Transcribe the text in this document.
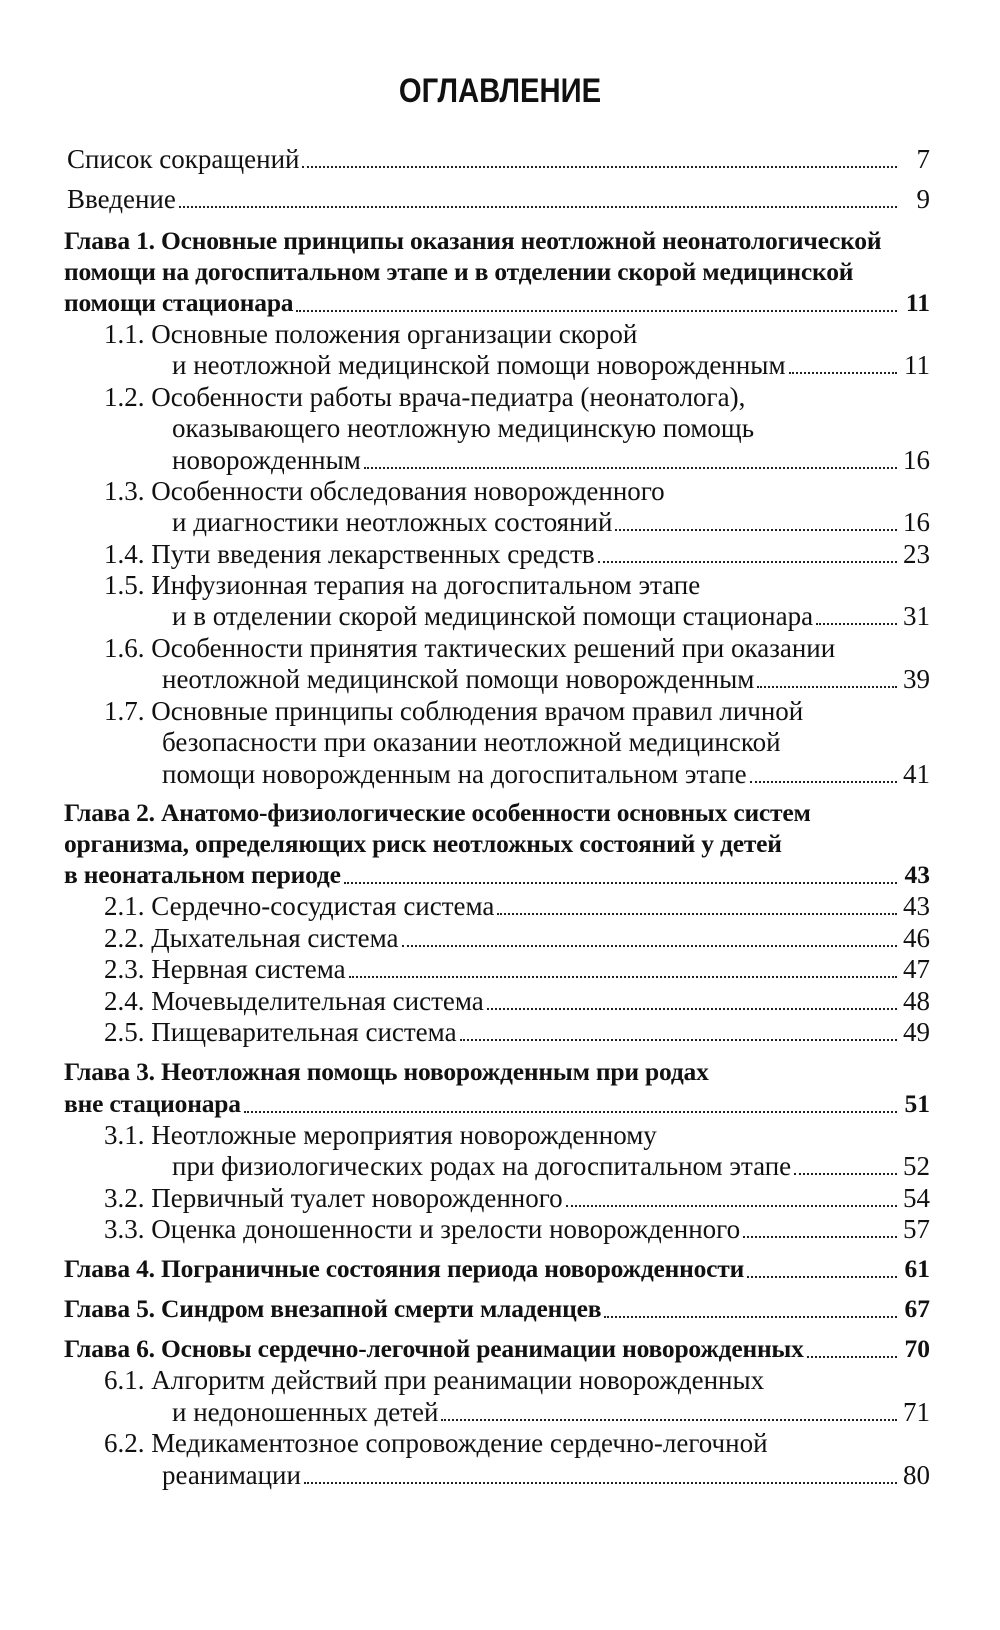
ОГЛАВЛЕНИЕ
Список сокращений	7
Введение	9
Глава 1. Основные принципы оказания неотложной неонатологической
помощи на догоспитальном этапе и в отделении скорой медицинской
помощи стационара	11
1.1. Основные положения организации скорой
и неотложной медицинской помощи новорожденным	11
1.2. Особенности работы врача-педиатра (неонатолога),
оказывающего неотложную медицинскую помощь
новорожденным	16
1.3. Особенности обследования новорожденного
и диагностики неотложных состояний	16
1.4. Пути введения лекарственных средств	23
1.5. Инфузионная терапия на догоспитальном этапе
и в отделении скорой медицинской помощи стационара	31
1.6. Особенности принятия тактических решений при оказании
неотложной медицинской помощи новорожденным	39
1.7. Основные принципы соблюдения врачом правил личной
безопасности при оказании неотложной медицинской
помощи новорожденным на догоспитальном этапе	41
Глава 2. Анатомо-физиологические особенности основных систем
организма, определяющих риск неотложных состояний у детей
в неонатальном периоде	43
2.1. Сердечно-сосудистая система	43
2.2. Дыхательная система	46
2.3. Нервная система	47
2.4. Мочевыделительная система	48
2.5. Пищеварительная система	49
Глава 3. Неотложная помощь новорожденным при родах
вне стационара	51
3.1. Неотложные мероприятия новорожденному
при физиологических родах на догоспитальном этапе	52
3.2. Первичный туалет новорожденного	54
3.3. Оценка доношенности и зрелости новорожденного	57
Глава 4. Пограничные состояния периода новорожденности	61
Глава 5. Синдром внезапной смерти младенцев	67
Глава 6. Основы сердечно-легочной реанимации новорожденных	70
6.1. Алгоритм действий при реанимации новорожденных
и недоношенных детей	71
6.2. Медикаментозное сопровождение сердечно-легочной
реанимации	80
